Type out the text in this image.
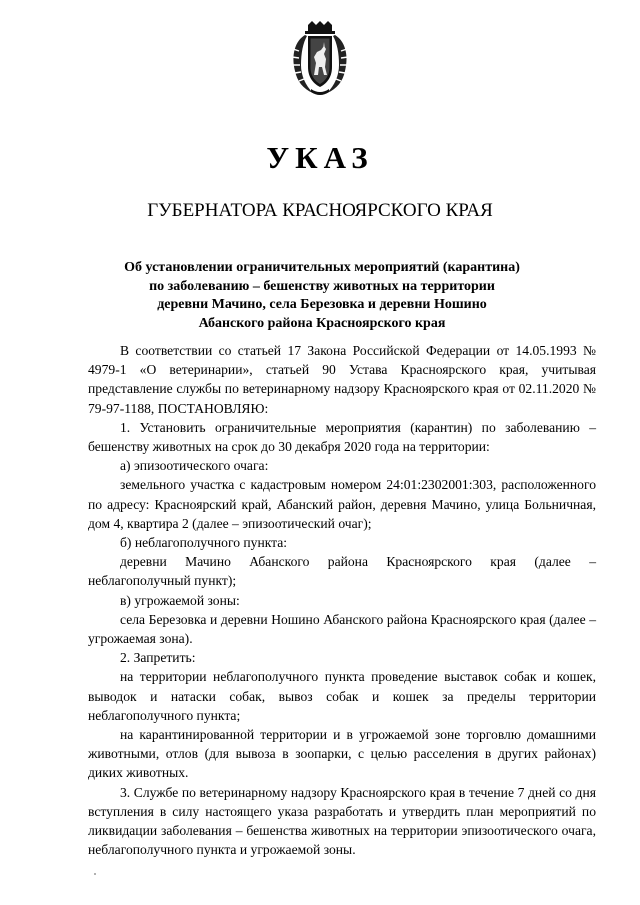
УКАЗ
ГУБЕРНАТОРА КРАСНОЯРСКОГО КРАЯ
Об установлении ограничительных мероприятий (карантина)
по заболеванию – бешенству животных на территории
деревни Мачино, села Березовка и деревни Ношино
Абанского района Красноярского края

В соответствии со статьей 17 Закона Российской Федерации от 14.05.1993 № 4979-1 «О ветеринарии», статьей 90 Устава Красноярского края, учитывая представление службы по ветеринарному надзору Красноярского края от 02.11.2020 № 79-97-1188, ПОСТАНОВЛЯЮ:

1. Установить ограничительные мероприятия (карантин) по заболеванию – бешенству животных на срок до 30 декабря 2020 года на территории:

а) эпизоотического очага:

земельного участка с кадастровым номером 24:01:2302001:303, расположенного по адресу: Красноярский край, Абанский район, деревня Мачино, улица Больничная, дом 4, квартира 2 (далее – эпизоотический очаг);

б) неблагополучного пункта:

деревни Мачино Абанского района Красноярского края (далее – неблагополучный пункт);

в) угрожаемой зоны:

села Березовка и деревни Ношино Абанского района Красноярского края (далее – угрожаемая зона).

2. Запретить:

на территории неблагополучного пункта проведение выставок собак и кошек, выводок и натаски собак, вывоз собак и кошек за пределы территории неблагополучного пункта;

на карантинированной территории и в угрожаемой зоне торговлю домашними животными, отлов (для вывоза в зоопарки, с целью расселения в других районах) диких животных.

3. Службе по ветеринарному надзору Красноярского края в течение 7 дней со дня вступления в силу настоящего указа разработать и утвердить план мероприятий по ликвидации заболевания – бешенства животных на территории эпизоотического очага, неблагополучного пункта и угрожаемой зоны.
